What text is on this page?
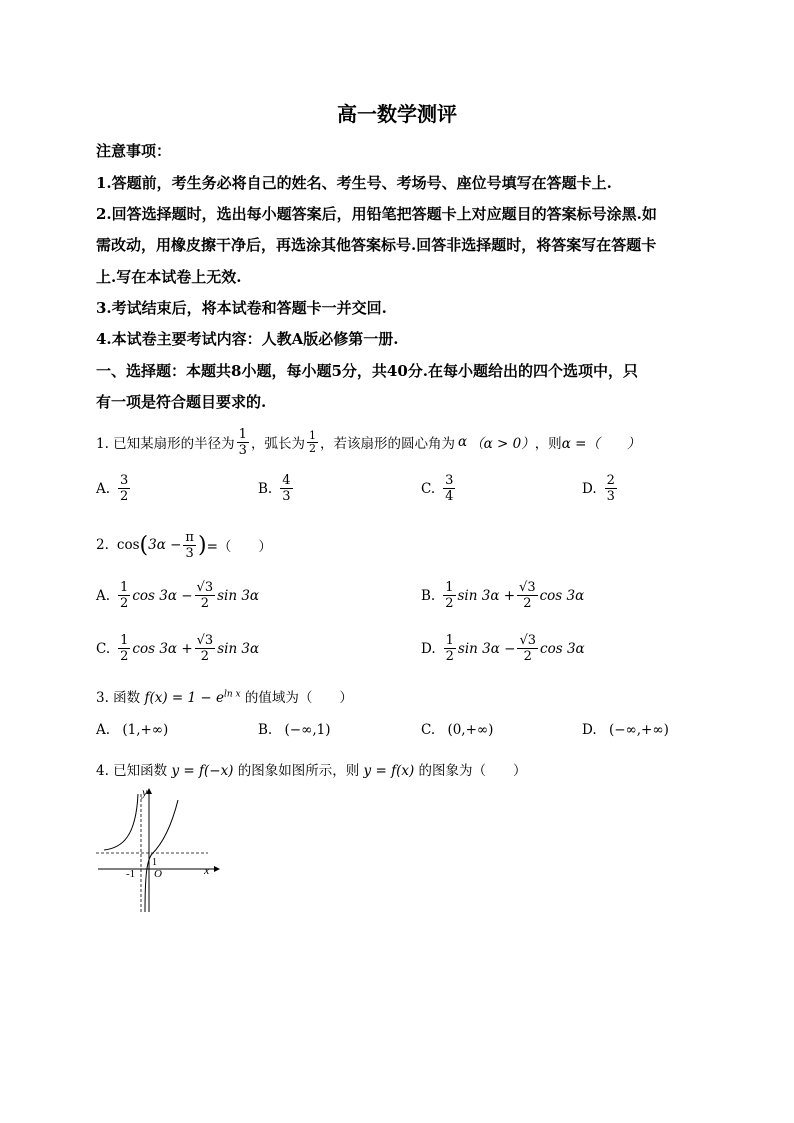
高一数学测评
注意事项：
1.答题前，考生务必将自己的姓名、考生号、考场号、座位号填写在答题卡上.
2.回答选择题时，选出每小题答案后，用铅笔把答题卡上对应题目的答案标号涂黑.如
需改动，用橡皮擦干净后，再选涂其他答案标号.回答非选择题时，将答案写在答题卡
上.写在本试卷上无效.
3.考试结束后，将本试卷和答题卡一并交回.
4.本试卷主要考试内容：人教A版必修第一册.
一、选择题：本题共8小题，每小题5分，共40分.在每小题给出的四个选项中，只
有一项是符合题目要求的.
1. 已知某扇形的半径为 $\frac{1}{3}$ ，弧长为 $\frac{1}{2}$ ，若该扇形的圆心角为 α （α > 0） ，则 α =（　　）
A. $\frac{3}{2}$	B. $\frac{4}{3}$	C. $\frac{3}{4}$	D. $\frac{2}{3}$
2. cos ( $3\alpha - \frac{\pi}{3}$ ) =（　　）
A. $\frac{1}{2}$ $\cos 3\alpha - \frac{√3}{2}$ sin 3α	B. $\frac{1}{2}$ $\sin 3\alpha + \frac{√3}{2}$ cos 3α
C. $\frac{1}{2}$ $\cos 3\alpha + \frac{√3}{2}$ sin 3α	D. $\frac{1}{2}$ $\sin 3\alpha - \frac{√3}{2}$ cos 3α
3. 函数 $f(x) = 1 - e^{ln x}$ 的值域为（　　）
A. (1,+∞)	B. (−∞,1)	C. (0,+∞)	D. (−∞,+∞)
4. 已知函数 y = f(−x) 的图象如图所示，则 y = f(x) 的图象为（　　）
y
x
O
-1
1
